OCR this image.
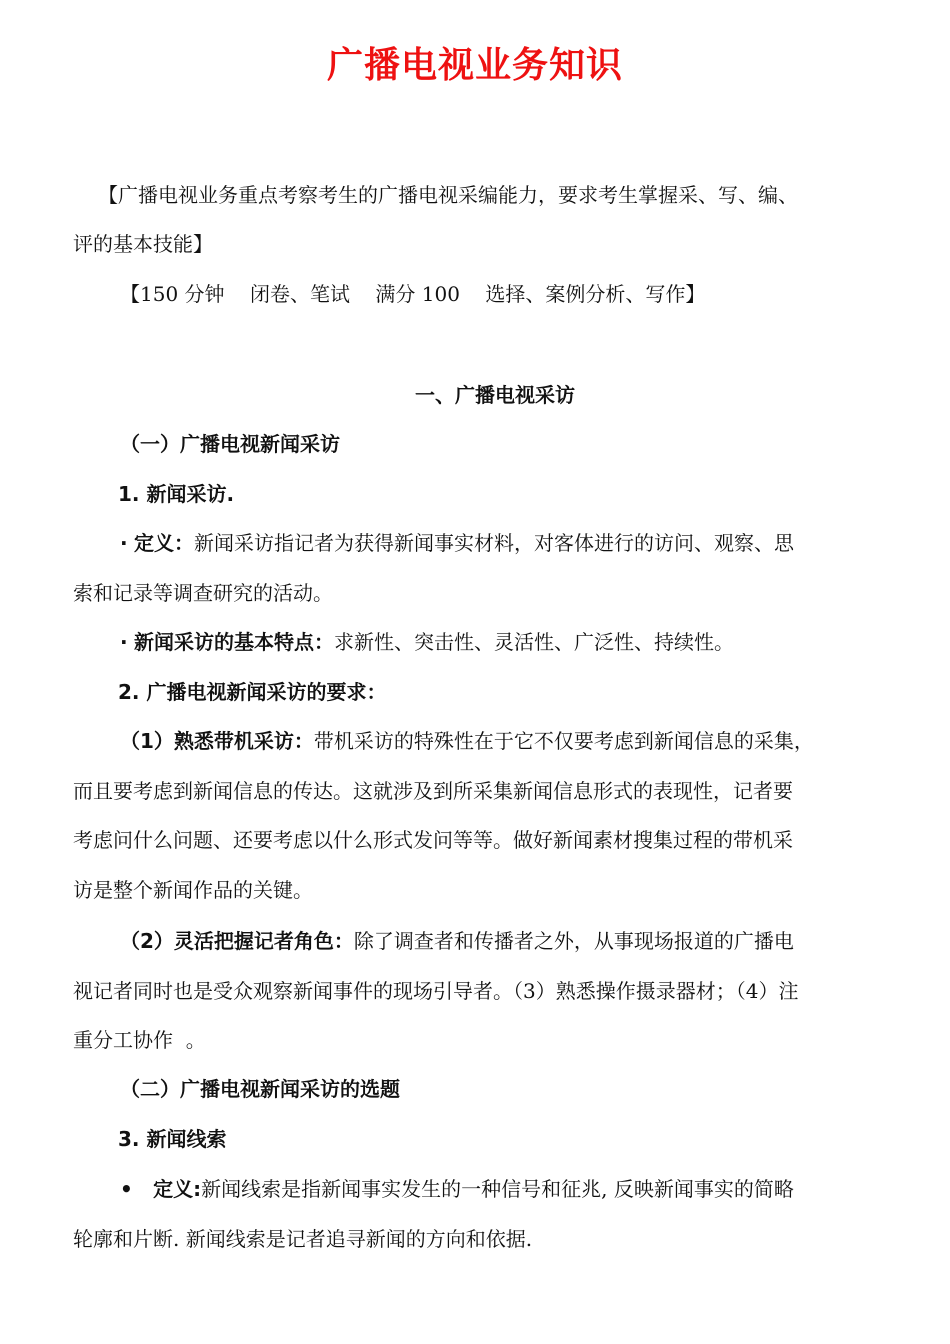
广播电视业务知识
【广播电视业务重点考察考生的广播电视采编能力，要求考生掌握采、写、编、
评的基本技能】
【150 分钟    闭卷、笔试    满分 100    选择、案例分析、写作】
一、广播电视采访
（一）广播电视新闻采访
1. 新闻采访.
· 定义：新闻采访指记者为获得新闻事实材料，对客体进行的访问、观察、思
索和记录等调查研究的活动。
· 新闻采访的基本特点：求新性、突击性、灵活性、广泛性、持续性。
2. 广播电视新闻采访的要求：
（1）熟悉带机采访：带机采访的特殊性在于它不仅要考虑到新闻信息的采集，
而且要考虑到新闻信息的传达。这就涉及到所采集新闻信息形式的表现性，记者要
考虑问什么问题、还要考虑以什么形式发问等等。做好新闻素材搜集过程的带机采
访是整个新闻作品的关键。
（2）灵活把握记者角色：除了调查者和传播者之外，从事现场报道的广播电
视记者同时也是受众观察新闻事件的现场引导者。（3）熟悉操作摄录器材；（4）注
重分工协作  。
（二）广播电视新闻采访的选题
3. 新闻线索
• 定义:新闻线索是指新闻事实发生的一种信号和征兆, 反映新闻事实的简略
轮廓和片断. 新闻线索是记者追寻新闻的方向和依据.
